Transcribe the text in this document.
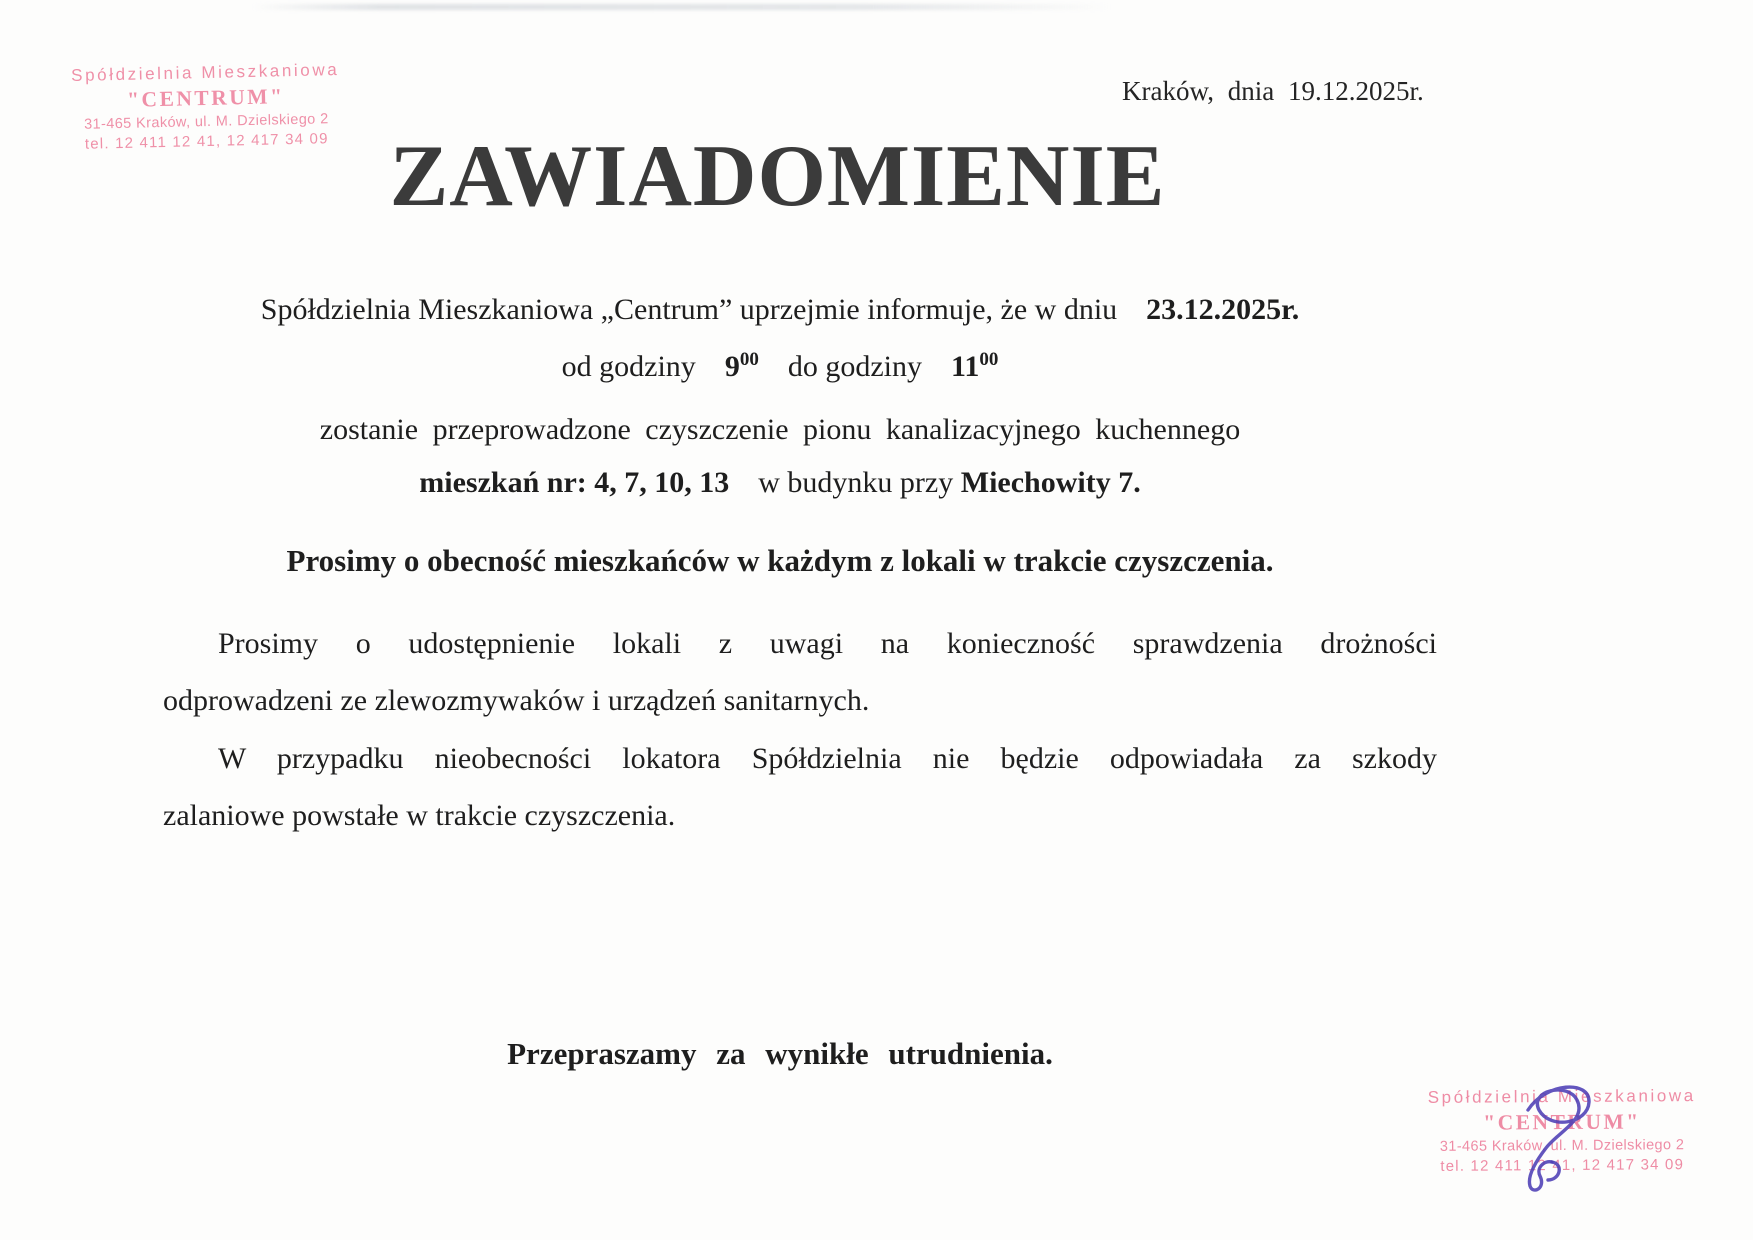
Spółdzielnia Mieszkaniowa
"CENTRUM"
31-465 Kraków, ul. M. Dzielskiego 2
tel. 12 411 12 41, 12 417 34 09
Kraków, dnia 19.12.2025r.
ZAWIADOMIENIE
Spółdzielnia Mieszkaniowa „Centrum” uprzejmie informuje, że w dniu 23.12.2025r.
od godziny $9^{00}$ do godziny $11^{00}$
zostanie przeprowadzone czyszczenie pionu kanalizacyjnego kuchennego
mieszkań nr: 4, 7, 10, 13 w budynku przy Miechowity 7.
Prosimy o obecność mieszkańców w każdym z lokali w trakcie czyszczenia.
Prosimy o udostępnienie lokali z uwagi na konieczność sprawdzenia drożności
odprowadzeni ze zlewozmywaków i urządzeń sanitarnych.
W przypadku nieobecności lokatora Spółdzielnia nie będzie odpowiadała za szkody
zalaniowe powstałe w trakcie czyszczenia.
Przepraszamy za wynikłe utrudnienia.
Spółdzielnia Mieszkaniowa
"CENTRUM"
31-465 Kraków, ul. M. Dzielskiego 2
tel. 12 411 12 41, 12 417 34 09
